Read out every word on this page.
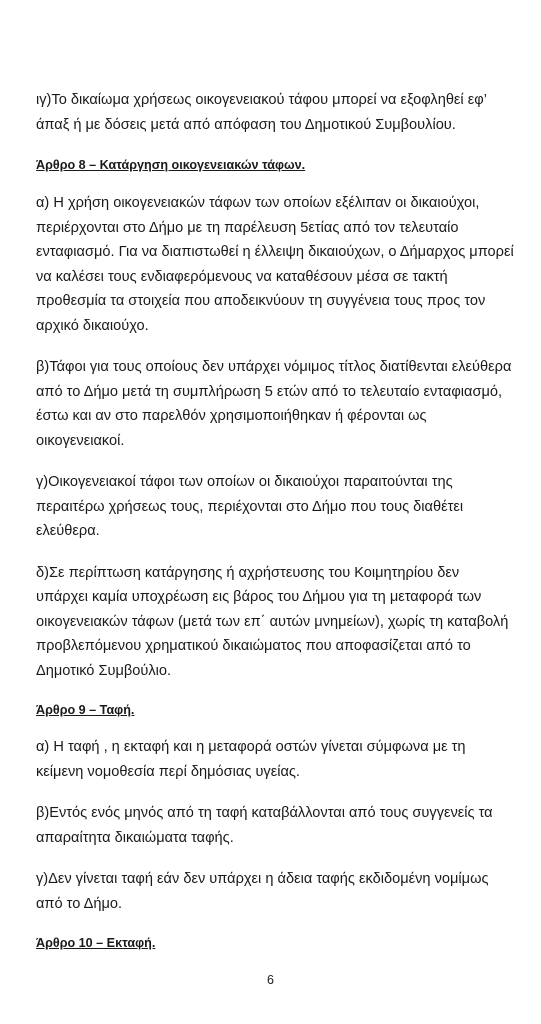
ιγ)Το δικαίωμα χρήσεως οικογενειακού τάφου μπορεί να εξοφληθεί εφ’ άπαξ ή με δόσεις μετά από απόφαση του Δημοτικού Συμβουλίου.

Άρθρο 8 – Κατάργηση οικογενειακών τάφων.

α) Η χρήση οικογενειακών τάφων των οποίων εξέλιπαν οι δικαιούχοι, περιέρχονται στο Δήμο με τη παρέλευση 5ετίας από τον τελευταίο ενταφιασμό. Για να διαπιστωθεί η έλλειψη δικαιούχων, ο Δήμαρχος μπορεί να καλέσει τους ενδιαφερόμενους να καταθέσουν μέσα σε τακτή προθεσμία τα στοιχεία που αποδεικνύουν τη συγγένεια τους προς τον αρχικό δικαιούχο.

β)Τάφοι για τους οποίους δεν υπάρχει νόμιμος τίτλος διατίθενται ελεύθερα από το Δήμο μετά τη συμπλήρωση 5 ετών από το τελευταίο ενταφιασμό, έστω και αν στο παρελθόν χρησιμοποιήθηκαν ή φέρονται ως οικογενειακοί.

γ)Οικογενειακοί τάφοι των οποίων οι δικαιούχοι παραιτούνται της περαιτέρω χρήσεως τους, περιέχονται στο Δήμο που τους διαθέτει ελεύθερα.

δ)Σε περίπτωση κατάργησης ή αχρήστευσης του Κοιμητηρίου δεν υπάρχει καμία υποχρέωση εις βάρος του Δήμου για τη μεταφορά των οικογενειακών τάφων (μετά των επ΄ αυτών μνημείων), χωρίς τη καταβολή προβλεπόμενου χρηματικού δικαιώματος που αποφασίζεται από το Δημοτικό Συμβούλιο.

Άρθρο 9 – Ταφή.

α) Η ταφή , η εκταφή και η μεταφορά οστών γίνεται σύμφωνα με τη κείμενη νομοθεσία περί δημόσιας υγείας.

β)Εντός ενός μηνός από τη ταφή καταβάλλονται από τους συγγενείς τα απαραίτητα δικαιώματα ταφής.

γ)Δεν γίνεται ταφή εάν δεν υπάρχει η άδεια ταφής εκδιδομένη νομίμως από το Δήμο.

Άρθρο 10 – Εκταφή.

6
